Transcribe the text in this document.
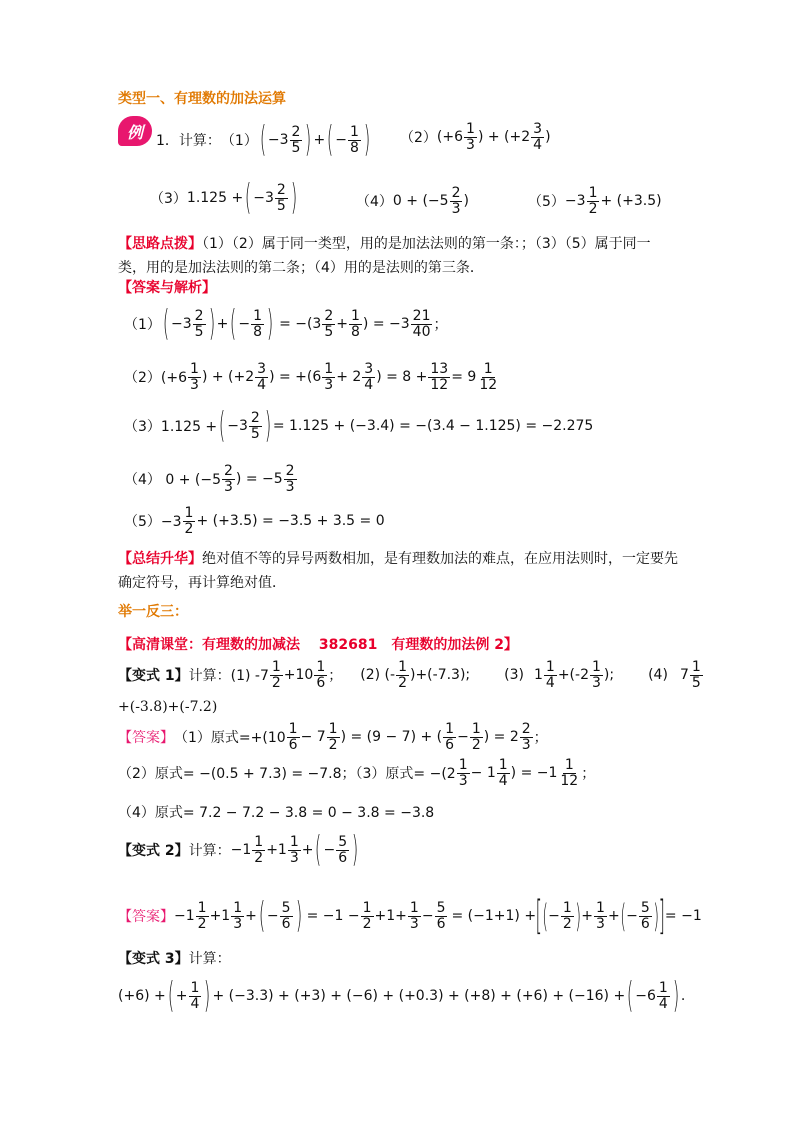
类型一、有理数的加法运算
例 1．计算： （1） ( $-3 \frac{2}{5}$ ) + ( − $\frac{1}{8}$ ) （2） ($+6 \frac{1}{3}$ ) + ($+2 \frac{3}{4}$ )
（3） 1.125 + ( $-3 \frac{2}{5}$ )	（4） $0 + (-5 \frac{2}{3}$ )	$(5) -3 \frac{1}{2} + (+3.5)$
【思路点拨】（1）（2）属于同一类型，用的是加法法则的第一条：；（3）（5）属于同一类，用的是加法法则的第二条；（4）用的是法则的第三条．
【答案与解析】
（1） ( $-3 \frac{2}{5}$ ) + ( − $\frac{1}{8}$ ) = $-(3 \frac{2}{5} + \frac{1}{8}$ ) = $-3 \frac{21}{40}$ ；
$(2)(+6 \frac{1}{3}$ ) + ($+2 \frac{3}{4}$ ) = $+(6 \frac{1}{3} + 2 \frac{3}{4}$ ) = $8 + \frac{13}{12} = 9 \frac{1}{12}$
（3）1.125 + ( $-3 \frac{2}{5}$ ) = 1.125 + (−3.4) = −(3.4 − 1.125) = −2.275
（4） $0 + (-5 \frac{2}{3}$ ) = $-5 \frac{2}{3}$
$(5)-3 \frac{1}{2} + (+3.5) = -3.5 + 3.5 = 0$
【总结升华】绝对值不等的异号两数相加，是有理数加法的难点，在应用法则时，一定要先确定符号，再计算绝对值．
举一反三：
【高清课堂：有理数的加减法　 382681　有理数的加法例 2】
【变式 1】 计算：(1) $-7 \frac{1}{2} +10 \frac{1}{6}$ ； (2) (- $\frac{1}{2} )+(-7.3)$; (3) $1 \frac{1}{4} +(-2 \frac{1}{3}$ ); (4) $7 \frac{1}{5}$
+(-3.8)+(-7.2)
【答案】 （1）原式$=+(10 \frac{1}{6} - 7 \frac{1}{2}$ ) = (9 − 7) + ( $\frac{1}{6} - \frac{1}{2}$ ) = $2 \frac{2}{3}$ ；
（2）原式= −(0.5 + 7.3) = −7.8；（3）原式= $-(2 \frac{1}{3} - 1 \frac{1}{4}$ ) = $-1 \frac{1}{12}$ ；
（4）原式= 7.2 − 7.2 − 3.8 = 0 − 3.8 = −3.8
【变式 2】 计算： $-1 \frac{1}{2} +1 \frac{1}{3}$ + ( − $\frac{5}{6}$ )
【答案】 $-1 \frac{1}{2} +1 \frac{1}{3}$ + ( − $\frac{5}{6}$ ) = $-1 - \frac{1}{2} +1+ \frac{1}{3} - \frac{5}{6} = (-1+1)$ + [ ( − $\frac{1}{2}$ ) + $\frac{1}{3}$ + ( − $\frac{5}{6}$ ) ] = −1
【变式 3】 计算：
(+6) + ( + $\frac{1}{4}$ ) + (−3.3) + (+3) + (−6) + (+0.3) + (+8) + (+6) + (−16) + ( $-6 \frac{1}{4}$ ) .
